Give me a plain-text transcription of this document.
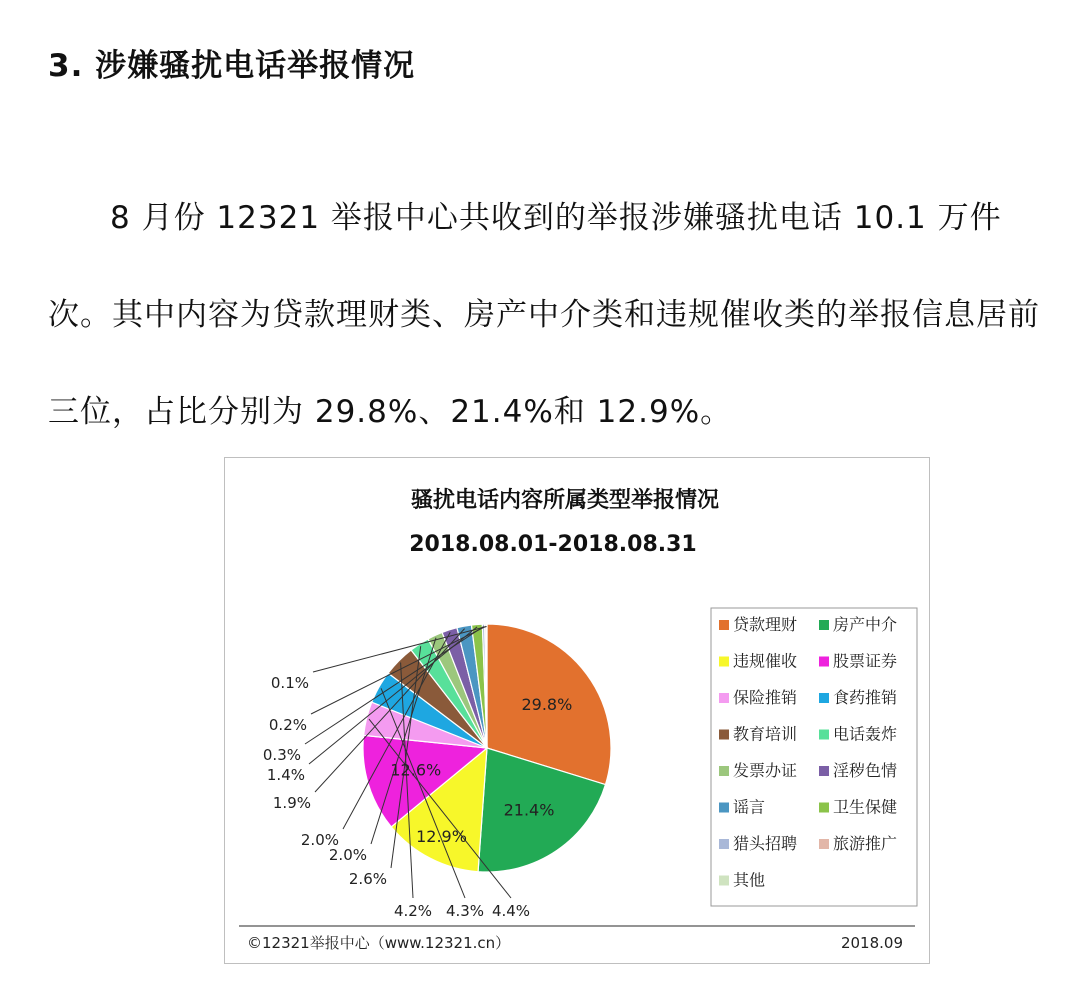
3. 涉嫌骚扰电话举报情况
8 月份 12321 举报中心共收到的举报涉嫌骚扰电话 10.1 万件次。其中内容为贷款理财类、房产中介类和违规催收类的举报信息居前三位，占比分别为 29.8%、21.4%和 12.9%。
骚扰电话内容所属类型举报情况
2018.08.01-2018.08.31
29.8%
21.4%
12.9%
12.6%
4.4%
4.3%
4.2%
2.6%
2.0%
2.0%
1.9%
1.4%
0.3%
0.2%
0.1%
贷款理财 房产中介
违规催收 股票证券
保险推销 食药推销
教育培训 电话轰炸
发票办证 淫秽色情
谣言	卫生保健
猎头招聘 旅游推广
其他
©12321举报中心（www.12321.cn）	2018.09
